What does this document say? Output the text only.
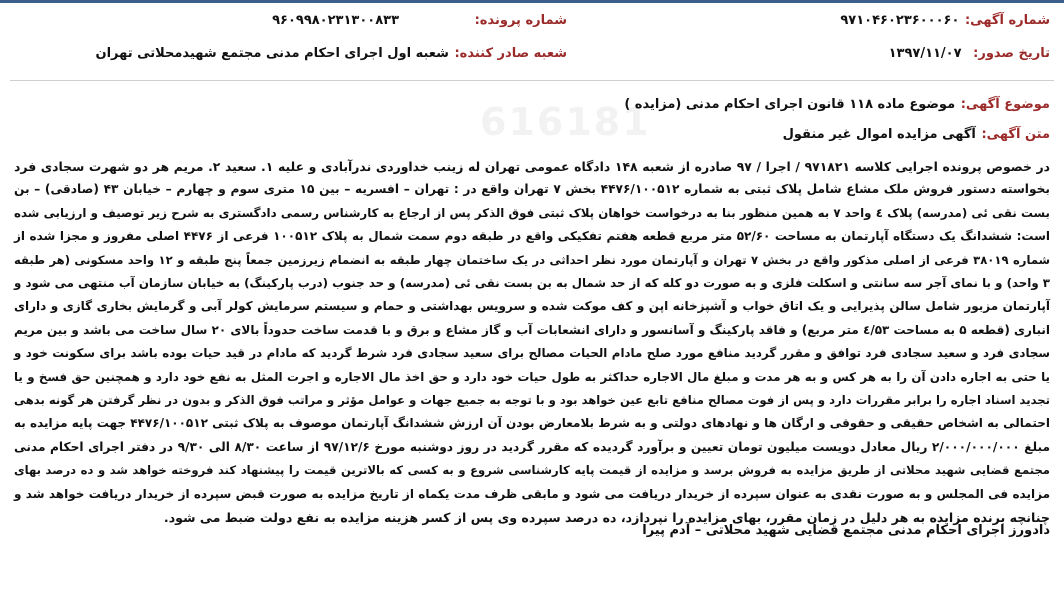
616181
شماره آگهی: ۹۷۱۰۴۶۰۲۳۶۰۰۰۶۰
شماره پرونده: ۹۶۰۹۹۸۰۲۳۱۳۰۰۸۳۳
تاریخ صدور: ۱۳۹۷/۱۱/۰۷
شعبه صادر کننده: شعبه اول اجرای احکام مدنی مجتمع شهیدمحلاتی تهران
موضوع آگهی: موضوع ماده ۱۱۸ قانون اجرای احکام مدنی (مزایده )
متن آگهی: آگهی مزایده اموال غیر منقول
در خصوص پرونده اجرایی کلاسه ۹۷۱۸۲۱ / اجرا / ۹۷ صادره از شعبه ۱۴۸ دادگاه عمومی تهران له زینب خداوردی ندرآبادی و علیه ۱. سعید ۲. مریم هر دو شهرت سجادی فرد
بخواسته دستور فروش ملک مشاع شامل پلاک ثبتی به شماره ۴۴۷۶/۱۰۰۵۱۲ بخش ۷ تهران واقع در : تهران – افسریه – بین ۱۵ متری سوم و چهارم – خیابان ۴۳ (صادقی) – بن
بست نقی ئی (مدرسه) پلاک ٤ واحد ٧ به همین منظور بنا به درخواست خواهان پلاک ثبتی فوق الذکر پس از ارجاع به کارشناس رسمی دادگستری به شرح زیر توصیف و ارزیابی شده
است: ششدانگ یک دستگاه آپارتمان به مساحت ۵۲/۶۰ متر مربع قطعه هفتم تفکیکی واقع در طبقه دوم سمت شمال به پلاک ۱۰۰۵۱۲ فرعی از ۴۴۷۶ اصلی مفروز و مجزا شده از
شماره ۳۸۰۱۹ فرعی از اصلی مذکور واقع در بخش ۷ تهران و آپارتمان مورد نظر احداثی در یک ساختمان چهار طبقه به انضمام زیرزمین جمعاً پنج طبقه و ۱۲ واحد مسکونی (هر طبقه
۳ واحد) و با نمای آجر سه سانتی و اسکلت فلزی و به صورت دو کله که از حد شمال به بن بست نقی ئی (مدرسه) و حد جنوب (درب پارکینگ) به خیابان سازمان آب منتهی می شود و
آپارتمان مزبور شامل سالن پذیرایی و یک اتاق خواب و آشپزخانه اپن و کف موکت شده و سرویس بهداشتی و حمام و سیستم سرمایش کولر آبی و گرمایش بخاری گازی و دارای
انباری (قطعه ۵ به مساحت ٤/۵۳ متر مربع) و فاقد پارکینگ و آسانسور و دارای انشعابات آب و گاز مشاع و برق و با قدمت ساخت حدوداً بالای ۲۰ سال ساخت می باشد و بین مریم
سجادی فرد و سعید سجادی فرد توافق و مقرر گردید منافع مورد صلح مادام الحیات مصالح برای سعید سجادی فرد شرط گردید که مادام در قید حیات بوده باشد برای سکونت خود و
یا حتی به اجاره دادن آن را به هر کس و به هر مدت و مبلغ مال الاجاره حداکثر به طول حیات خود دارد و حق اخذ مال الاجاره و اجرت المثل به نفع خود دارد و همچنین حق فسخ و یا
تجدید اسناد اجاره را برابر مقررات دارد و پس از فوت مصالح منافع تابع عین خواهد بود و با توجه به جمیع جهات و عوامل مؤثر و مراتب فوق الذکر و بدون در نظر گرفتن هر گونه بدهی
احتمالی به اشخاص حقیقی و حقوقی و ارگان ها و نهادهای دولتی و به شرط بلامعارض بودن آن ارزش ششدانگ آپارتمان موصوف به پلاک ثبتی ۴۴۷۶/۱۰۰۵۱۲ جهت پایه مزایده به
مبلغ ۲/۰۰۰/۰۰۰/۰۰۰ ریال معادل دویست میلیون تومان تعیین و برآورد گردیده که مقرر گردید در روز دوشنبه مورخ ۹۷/۱۲/۶ از ساعت ۸/۳۰ الی ۹/۳۰ در دفتر اجرای احکام مدنی
مجتمع قضایی شهید محلاتی از طریق مزایده به فروش برسد و مزایده از قیمت پایه کارشناسی شروع و به کسی که بالاترین قیمت را پیشنهاد کند فروخته خواهد شد و ده درصد بهای
مزایده فی المجلس و به صورت نقدی به عنوان سپرده از خریدار دریافت می شود و مابقی ظرف مدت یکماه از تاریخ مزایده به صورت قبض سپرده از خریدار دریافت خواهد شد و
چنانچه برنده مزایده به هر دلیل در زمان مقرر، بهای مزایده را نپردازد، ده درصد سپرده وی پس از کسر هزینه مزایده به نفع دولت ضبط می شود.
دادورز اجرای احکام مدنی مجتمع قضایی شهید محلاتی – آدم پیرا
